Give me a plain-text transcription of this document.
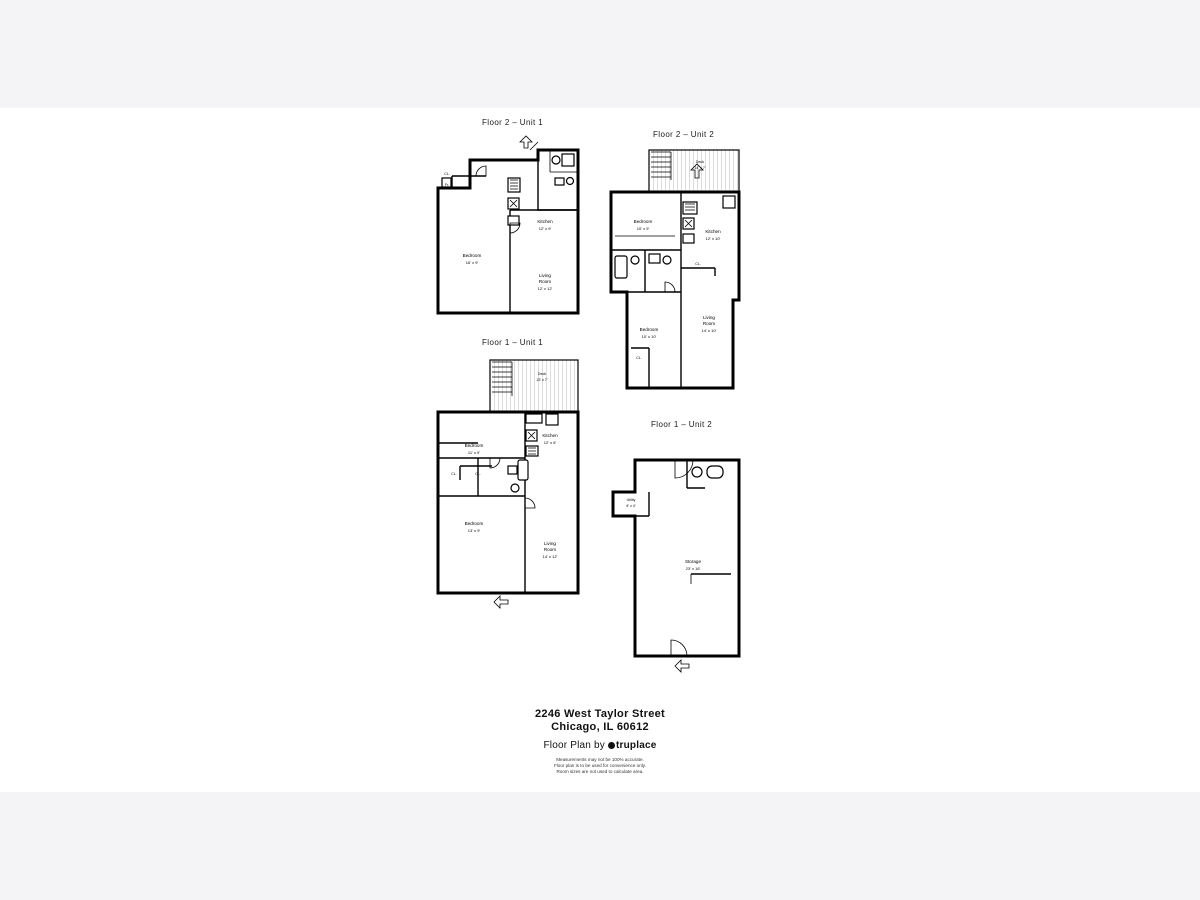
Floor 2 – Unit 1
CL.
Fr.
Kitchen
12' x 9'
Bedroom
16' x 9'
Living
Room
12' x 12'
Floor 2 – Unit 2
Deck
14' x 7'
Bedroom
10' x 9'
Kitchen
12' x 10'
CL.
Living
Room
14' x 10'
Bedroom
10' x 10'
CL.
Floor 1 – Unit 1
Deck
13' x 7'
Kitchen
12' x 6'
Bedroom
11' x 9'
CL.	CL.
Bedroom
13' x 9'
Living
Room
14' x 12'
Floor 1 – Unit 2
Utility
6' x 4'
Storage
23' x 16'
2246 West Taylor Street
Chicago, IL 60612
Floor Plan by truplace
Measurements may not be 100% accurate.
Floor plan is to be used for convenience only.
Room sizes are not used to calculate area.
